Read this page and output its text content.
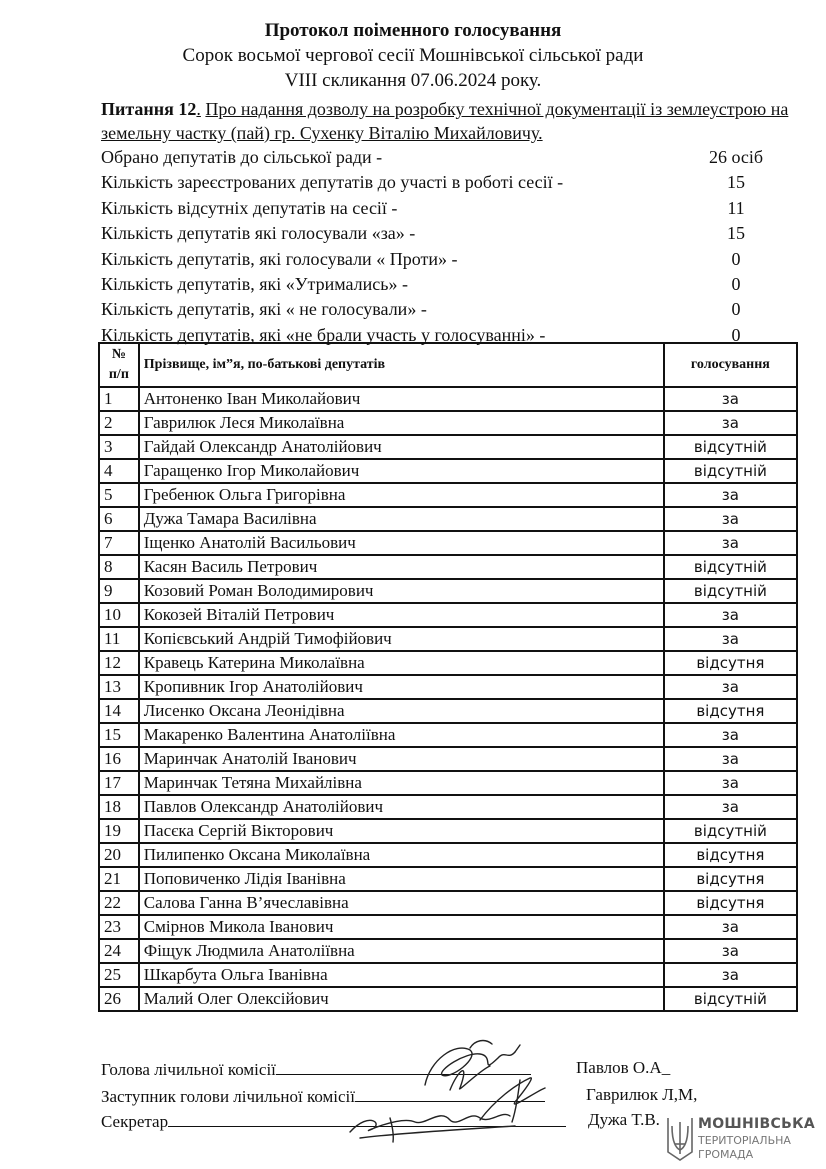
Протокол поіменного голосування
Сорок восьмої чергової сесії Мошнівської сільської ради
VIII скликання 07.06.2024 року.
Питання 12. Про надання дозволу на розробку технічної документації із землеустрою на земельну частку (пай) гр. Сухенку Віталію Михайловичу.
Обрано депутатів до сільської ради -	26 осіб
Кількість зареєстрованих депутатів до участі в роботі сесії -	15
Кількість відсутніх депутатів на сесії -	11
Кількість депутатів які голосували «за» -	15
Кількість депутатів, які голосували « Проти» -	0
Кількість депутатів, які «Утримались» -	0
Кількість депутатів, які « не голосували» -	0
Кількість депутатів, які «не брали участь у голосуванні» -	0
№
п/п	Прізвище, ім”я, по-батькові депутатів	голосування
1	Антоненко Іван Миколайович	за
2	Гаврилюк Леся Миколаївна	за
3	Гайдай Олександр Анатолійович	відсутній
4	Гаращенко Ігор Миколайович	відсутній
5	Гребенюк Ольга Григорівна	за
6	Дужа Тамара Василівна	за
7	Іщенко Анатолій Васильович	за
8	Касян Василь Петрович	відсутній
9	Козовий Роман Володимирович	відсутній
10	Кокозей Віталій Петрович	за
11	Копієвський Андрій Тимофійович	за
12	Кравець Катерина Миколаївна	відсутня
13	Кропивник Ігор Анатолійович	за
14	Лисенко Оксана Леонідівна	відсутня
15	Макаренко Валентина Анатоліївна	за
16	Маринчак Анатолій Іванович	за
17	Маринчак Тетяна Михайлівна	за
18	Павлов Олександр Анатолійович	за
19	Пасєка Сергій Вікторович	відсутній
20	Пилипенко Оксана Миколаївна	відсутня
21	Поповиченко Лідія Іванівна	відсутня
22	Салова Ганна В’ячеславівна	відсутня
23	Смірнов Микола Іванович	за
24	Фіщук Людмила Анатоліївна	за
25	Шкарбута Ольга Іванівна	за
26	Малий Олег Олексійович	відсутній
Голова лічильної комісії	Павлов О.А_
Заступник голови лічильної комісії	Гаврилюк Л,М,
Секретар	Дужа Т.В.	МОШНІВСЬКА
ТЕРИТОРІАЛЬНА
ГРОМАДА
